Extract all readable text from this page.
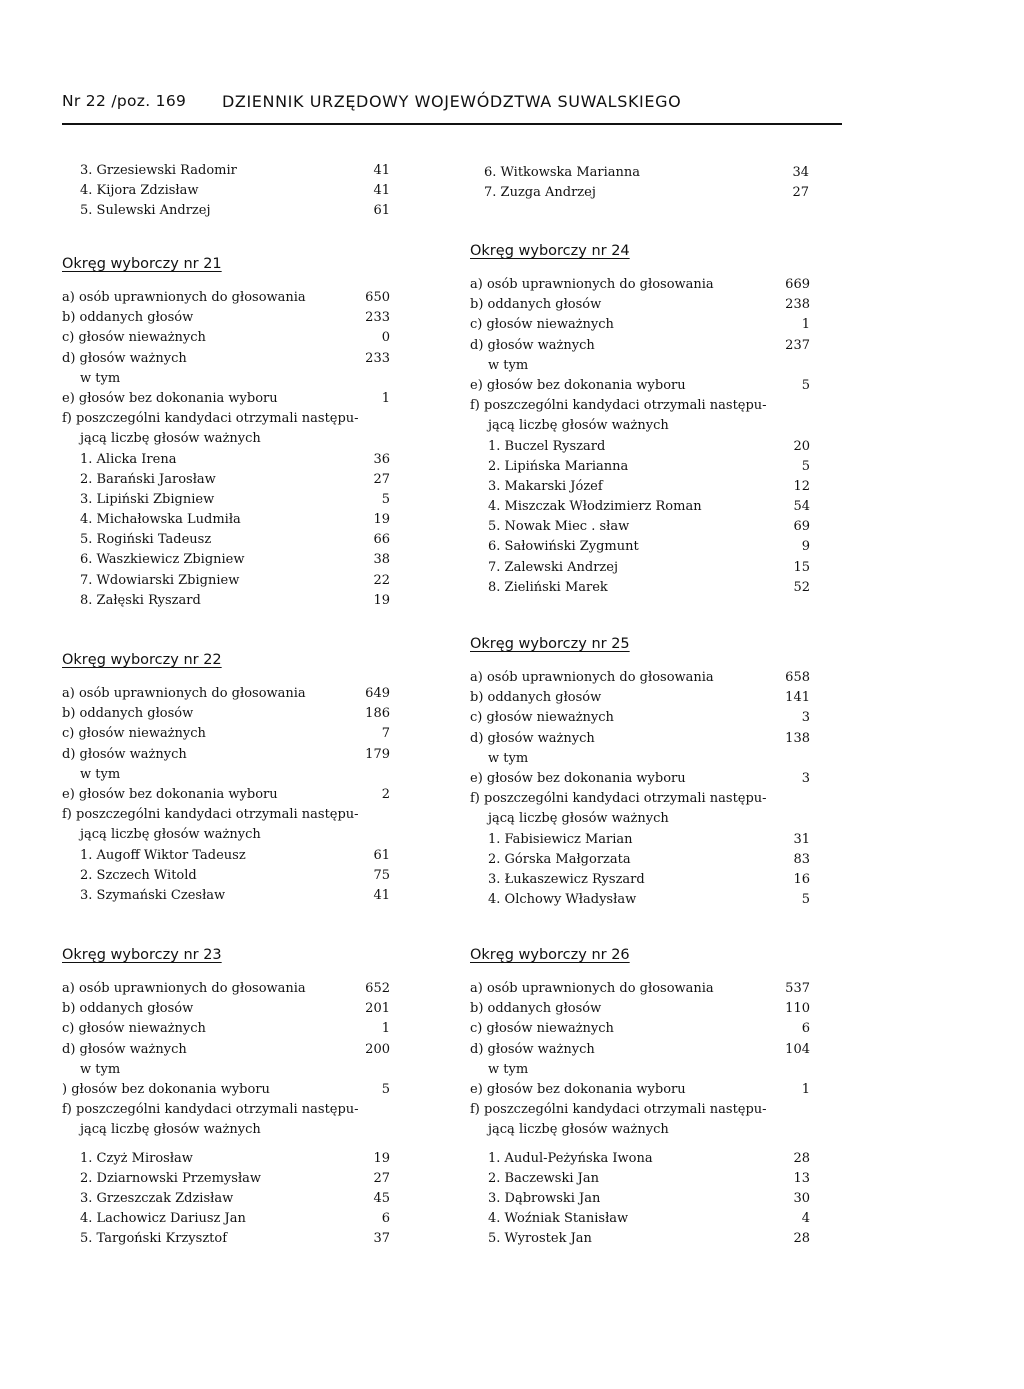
Nr 22 /poz. 169 DZIENNIK URZĘDOWY WOJEWÓDZTWA SUWALSKIEGO
3. Grzesiewski Radomir	41
4. Kijora Zdzisław	41
5. Sulewski Andrzej	61
6. Witkowska Marianna	34
7. Zuzga Andrzej	27
Okręg wyborczy nr 21
a) osób uprawnionych do głosowania	650
b) oddanych głosów	233
c) głosów nieważnych	0
d) głosów ważnych	233
w tym
e) głosów bez dokonania wyboru	1
f) poszczególni kandydaci otrzymali następu-
jącą liczbę głosów ważnych
1. Alicka Irena	36
2. Barański Jarosław	27
3. Lipiński Zbigniew	5
4. Michałowska Ludmiła	19
5. Rogiński Tadeusz	66
6. Waszkiewicz Zbigniew	38
7. Wdowiarski Zbigniew	22
8. Załęski Ryszard	19
Okręg wyborczy nr 22
a) osób uprawnionych do głosowania	649
b) oddanych głosów	186
c) głosów nieważnych	7
d) głosów ważnych	179
w tym
e) głosów bez dokonania wyboru	2
f) poszczególni kandydaci otrzymali następu-
jącą liczbę głosów ważnych
1. Augoff Wiktor Tadeusz	61
2. Szczech Witold	75
3. Szymański Czesław	41
Okręg wyborczy nr 23
a) osób uprawnionych do głosowania	652
b) oddanych głosów	201
c) głosów nieważnych	1
d) głosów ważnych	200
w tym
) głosów bez dokonania wyboru	5
f) poszczególni kandydaci otrzymali następu-
jącą liczbę głosów ważnych
1. Czyż Mirosław	19
2. Dziarnowski Przemysław	27
3. Grzeszczak Zdzisław	45
4. Lachowicz Dariusz Jan	6
5. Targoński Krzysztof	37
Okręg wyborczy nr 24
a) osób uprawnionych do głosowania	669
b) oddanych głosów	238
c) głosów nieważnych	1
d) głosów ważnych	237
w tym
e) głosów bez dokonania wyboru	5
f) poszczególni kandydaci otrzymali następu-
jącą liczbę głosów ważnych
1. Buczel Ryszard	20
2. Lipińska Marianna	5
3. Makarski Józef	12
4. Miszczak Włodzimierz Roman	54
5. Nowak Miec . sław	69
6. Sałowiński Zygmunt	9
7. Zalewski Andrzej	15
8. Zieliński Marek	52
Okręg wyborczy nr 25
a) osób uprawnionych do głosowania	658
b) oddanych głosów	141
c) głosów nieważnych	3
d) głosów ważnych	138
w tym
e) głosów bez dokonania wyboru	3
f) poszczególni kandydaci otrzymali następu-
jącą liczbę głosów ważnych
1. Fabisiewicz Marian	31
2. Górska Małgorzata	83
3. Łukaszewicz Ryszard	16
4. Olchowy Władysław	5
Okręg wyborczy nr 26
a) osób uprawnionych do głosowania	537
b) oddanych głosów	110
c) głosów nieważnych	6
d) głosów ważnych	104
w tym
e) głosów bez dokonania wyboru	1
f) poszczególni kandydaci otrzymali następu-
jącą liczbę głosów ważnych
1. Audul-Peżyńska Iwona	28
2. Baczewski Jan	13
3. Dąbrowski Jan	30
4. Woźniak Stanisław	4
5. Wyrostek Jan	28
